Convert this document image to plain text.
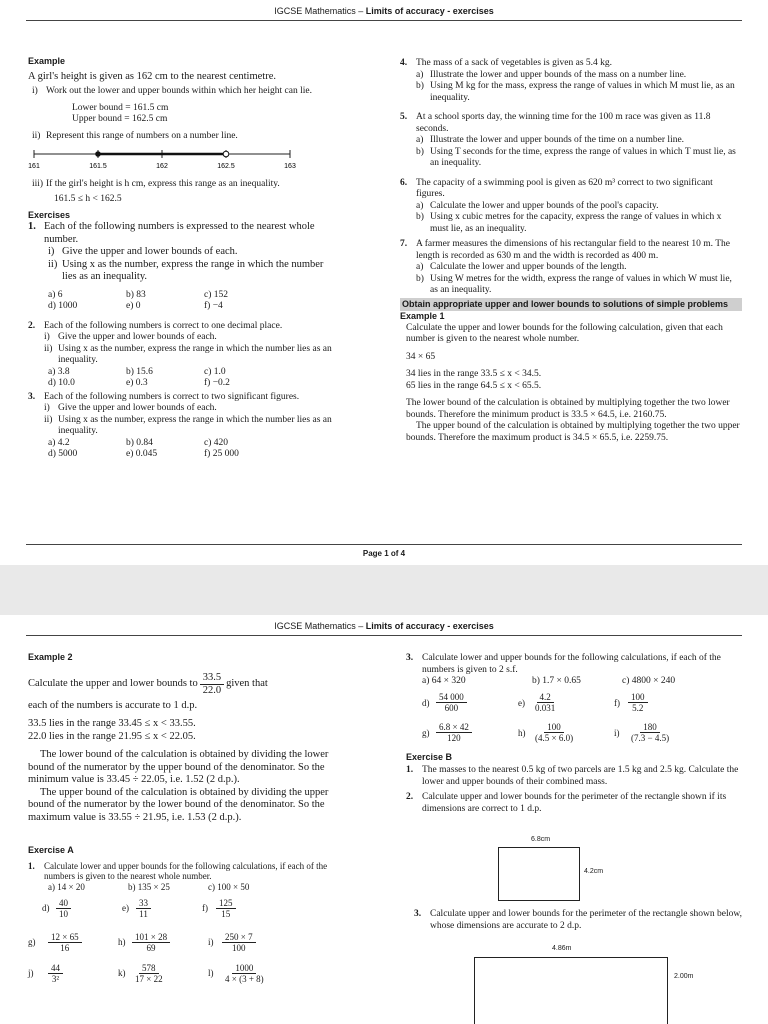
IGCSE Mathematics – Limits of accuracy - exercises
Example
A girl's height is given as 162 cm to the nearest centimetre.
i) Work out the lower and upper bounds within which her height can lie.
Lower bound = 161.5 cm
Upper bound = 162.5 cm
ii) Represent this range of numbers on a number line.
161	161.5	162	162.5	163
iii) If the girl's height is h cm, express this range as an inequality.
161.5 ≤ h < 162.5
Exercises
1. Each of the following numbers is expressed to the nearest whole number.
i) Give the upper and lower bounds of each.
ii) Using x as the number, express the range in which the number lies as an inequality.
a) 6	b) 83	c) 152
d) 1000	e) 0	f) −4
2. Each of the following numbers is correct to one decimal place.
i) Give the upper and lower bounds of each.
ii) Using x as the number, express the range in which the number lies as an inequality.
a) 3.8	b) 15.6	c) 1.0
d) 10.0	e) 0.3	f) −0.2
3. Each of the following numbers is correct to two significant figures.
i) Give the upper and lower bounds of each.
ii) Using x as the number, express the range in which the number lies as an inequality.
a) 4.2	b) 0.84	c) 420
d) 5000	e) 0.045	f) 25 000
4. The mass of a sack of vegetables is given as 5.4 kg.
a) Illustrate the lower and upper bounds of the mass on a number line.
b) Using M kg for the mass, express the range of values in which M must lie, as an inequality.
5. At a school sports day, the winning time for the 100 m race was given as 11.8 seconds.
a) Illustrate the lower and upper bounds of the time on a number line.
b) Using T seconds for the time, express the range of values in which T must lie, as an inequality.
6. The capacity of a swimming pool is given as 620 m³ correct to two significant figures.
a) Calculate the lower and upper bounds of the pool's capacity.
b) Using x cubic metres for the capacity, express the range of values in which x must lie, as an inequality.
7. A farmer measures the dimensions of his rectangular field to the nearest 10 m. The length is recorded as 630 m and the width is recorded as 400 m.
a) Calculate the lower and upper bounds of the length.
b) Using W metres for the width, express the range of values in which W must lie, as an inequality.
Obtain appropriate upper and lower bounds to solutions of simple problems
Example 1
Calculate the upper and lower bounds for the following calculation, given that each number is given to the nearest whole number.
34 × 65
34 lies in the range 33.5 ≤ x < 34.5.
65 lies in the range 64.5 ≤ x < 65.5.
The lower bound of the calculation is obtained by multiplying together the two lower bounds. Therefore the minimum product is 33.5 × 64.5, i.e. 2160.75.
The upper bound of the calculation is obtained by multiplying together the two upper bounds. Therefore the maximum product is 34.5 × 65.5, i.e. 2259.75.
Page 1 of 4
IGCSE Mathematics – Limits of accuracy - exercises
Example 2
Calculate the upper and lower bounds to $\frac{33.5}{22.0}$ given that
each of the numbers is accurate to 1 d.p.
33.5 lies in the range 33.45 ≤ x < 33.55.
22.0 lies in the range 21.95 ≤ x < 22.05.
The lower bound of the calculation is obtained by dividing the lower bound of the numerator by the upper bound of the denominator. So the minimum value is 33.45 ÷ 22.05, i.e. 1.52 (2 d.p.).
The upper bound of the calculation is obtained by dividing the upper bound of the numerator by the lower bound of the denominator. So the maximum value is 33.55 ÷ 21.95, i.e. 1.53 (2 d.p.).
Exercise A
1.	Calculate lower and upper bounds for the following calculations, if each of the numbers is given to the nearest whole number.
a) 14 × 20	b) 135 × 25	c) 100 × 50
$d) \frac{40}{10}$	$e) \frac{33}{11}$	$f) \frac{125}{15}$
g)	$\frac{12 \times 65}{16}$	$h) \frac{101 \times 28}{69}$	$i) \frac{250 \times 7}{100}$
j)	$\frac{44}{\text{3²}}$	$k) \frac{578}{17 \times 22}$	$l) \frac{1000}{4 \times (3 + 8)}$
3. Calculate lower and upper bounds for the following calculations, if each of the numbers is given to 2 s.f.
a) 64 × 320	b) 1.7 × 0.65	c) 4800 × 240
$d) \frac{54 000}{600}$	$e) \frac{4.2}{0.031}$	$f) \frac{100}{5.2}$
$g) \frac{6.8 \times 42}{120}$	$h) \frac{100}{(4.5 \times 6.0)}$	$i) \frac{180}{(7.3 - 4.5)}$
Exercise B
1. The masses to the nearest 0.5 kg of two parcels are 1.5 kg and 2.5 kg. Calculate the lower and upper bounds of their combined mass.
2. Calculate upper and lower bounds for the perimeter of the rectangle shown if its dimensions are correct to 1 d.p.
6.8cm
4.2cm
3. Calculate upper and lower bounds for the perimeter of the rectangle shown below, whose dimensions are accurate to 2 d.p.
4.86m
2.00m
